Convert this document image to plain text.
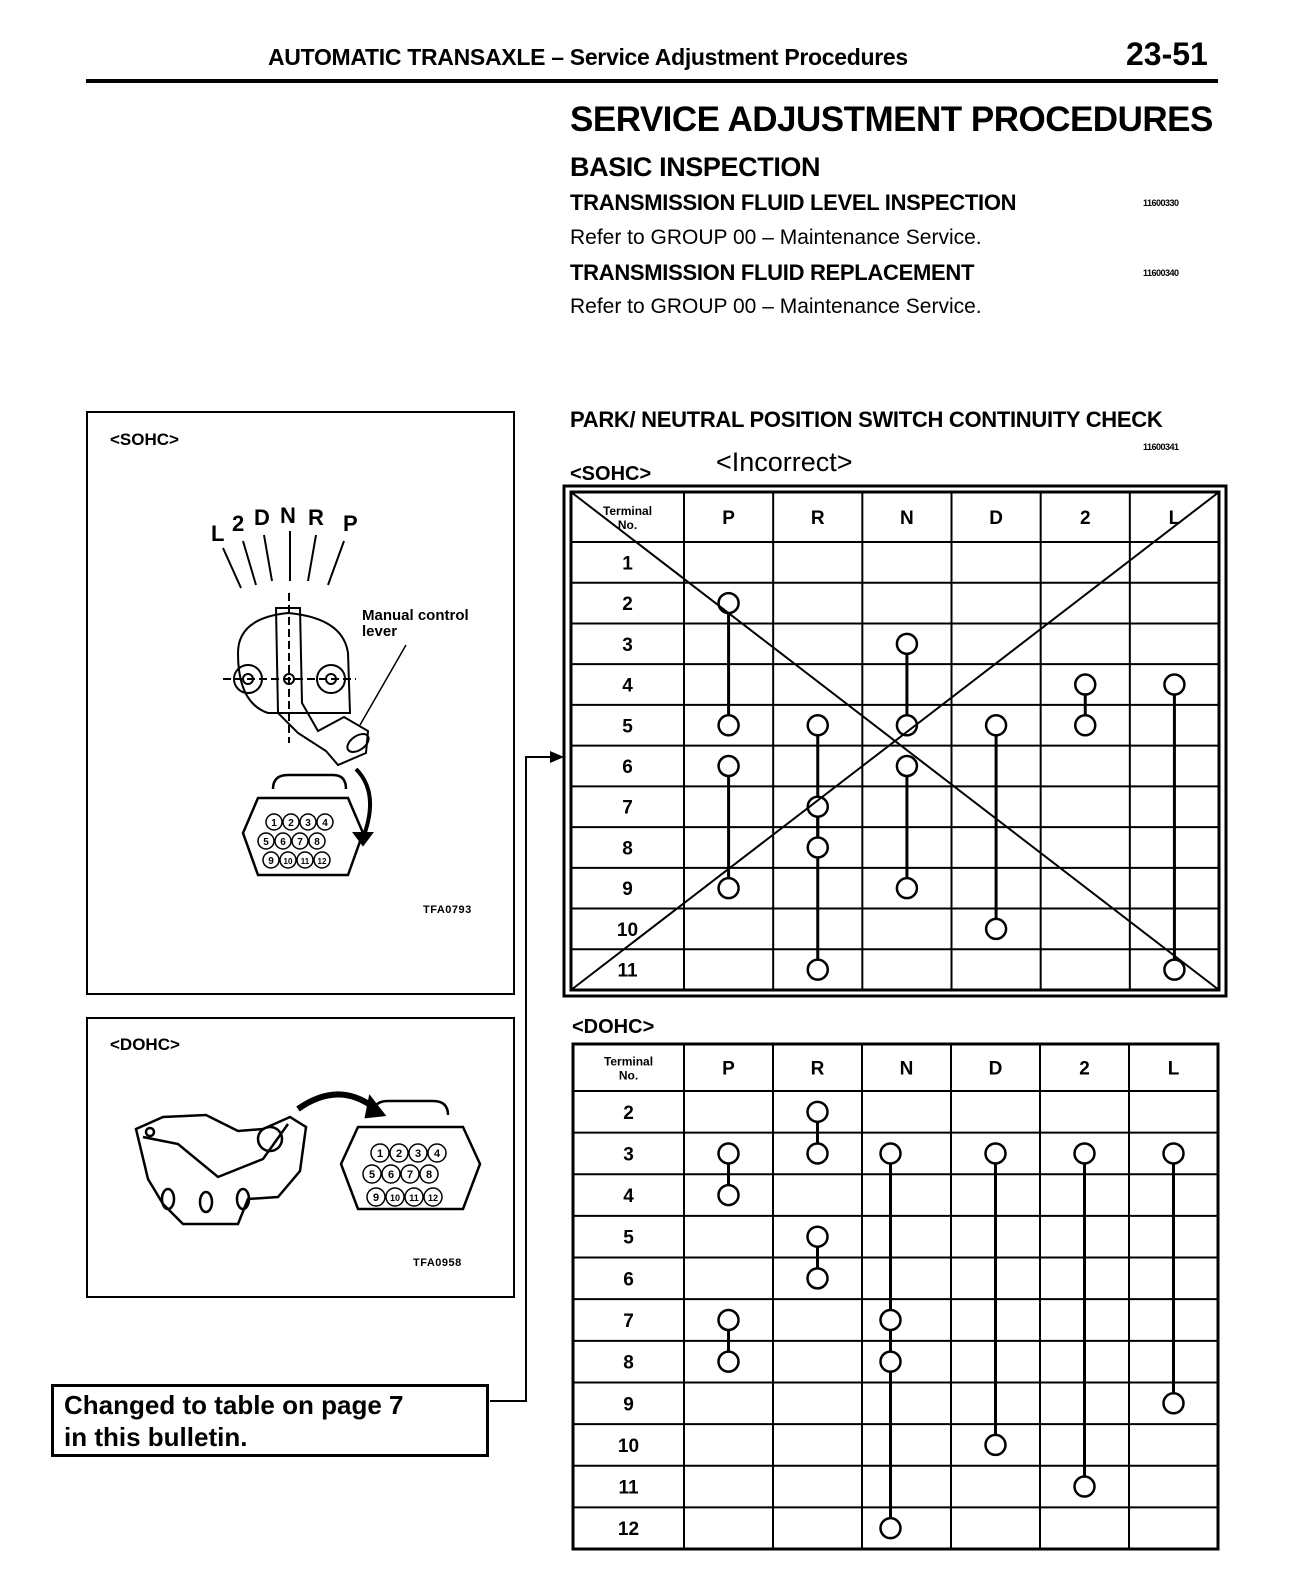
AUTOMATIC TRANSAXLE – Service Adjustment Procedures	23-51
SERVICE ADJUSTMENT PROCEDURES
BASIC INSPECTION
TRANSMISSION FLUID LEVEL INSPECTION	11600330
Refer to GROUP 00 – Maintenance Service.
TRANSMISSION FLUID REPLACEMENT	11600340
Refer to GROUP 00 – Maintenance Service.
PARK/ NEUTRAL POSITION SWITCH CONTINUITY CHECK
11600341
<SOHC>
L 2 D N R P
1 2 3 4
5 6 7 8
9 10 11 12
Manual control lever
TFA0793
<DOHC>
1 2 3 4
5 6 7 8
9 10 11 12
TFA0958
Changed to table on page 7
in this bulletin.
<SOHC> <Incorrect>
Terminal
No.	P	R	N	D	2	L
1
2
3
4
5
6
7
8
9
10
11
<DOHC>
Terminal
No.	P	R	N	D	2	L
2
3
4
5
6
7
8
9
10
11
12
